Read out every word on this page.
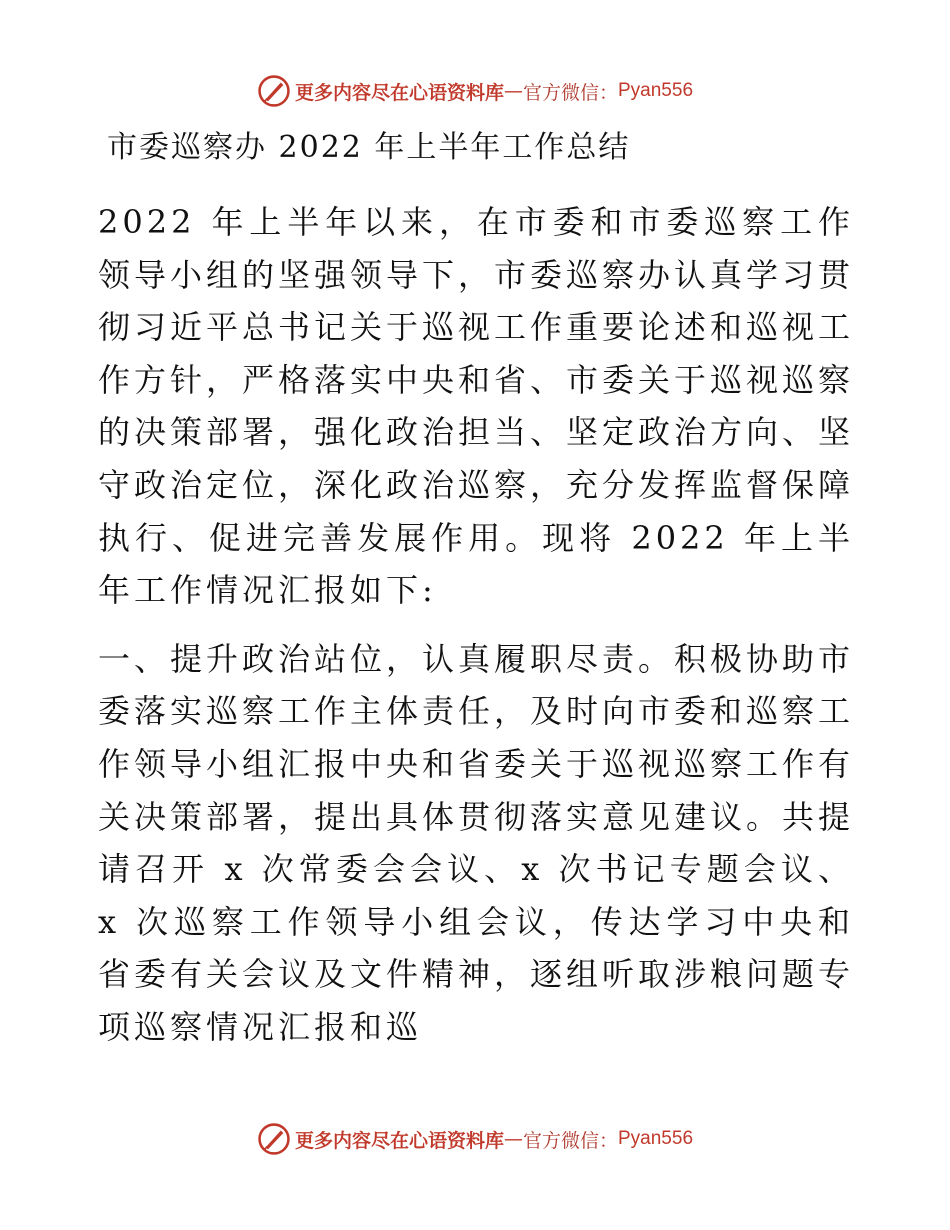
更多内容尽在心语资料库 — 官方微信： Pyan556
市委巡察办 2022 年上半年工作总结

2022 年上半年以来，在市委和市委巡察工作领导小组的坚强领导下，市委巡察办认真学习贯彻习近平总书记关于巡视工作重要论述和巡视工作方针，严格落实中央和省、市委关于巡视巡察的决策部署，强化政治担当、坚定政治方向、坚守政治定位，深化政治巡察，充分发挥监督保障执行、促进完善发展作用。现将 2022 年上半年工作情况汇报如下:

一、提升政治站位，认真履职尽责。积极协助市委落实巡察工作主体责任，及时向市委和巡察工作领导小组汇报中央和省委关于巡视巡察工作有关决策部署，提出具体贯彻落实意见建议。共提请召开 x 次常委会会议、x 次书记专题会议、x 次巡察工作领导小组会议，传达学习中央和省委有关会议及文件精神，逐组听取涉粮问题专项巡察情况汇报和巡

更多内容尽在心语资料库 — 官方微信： Pyan556
